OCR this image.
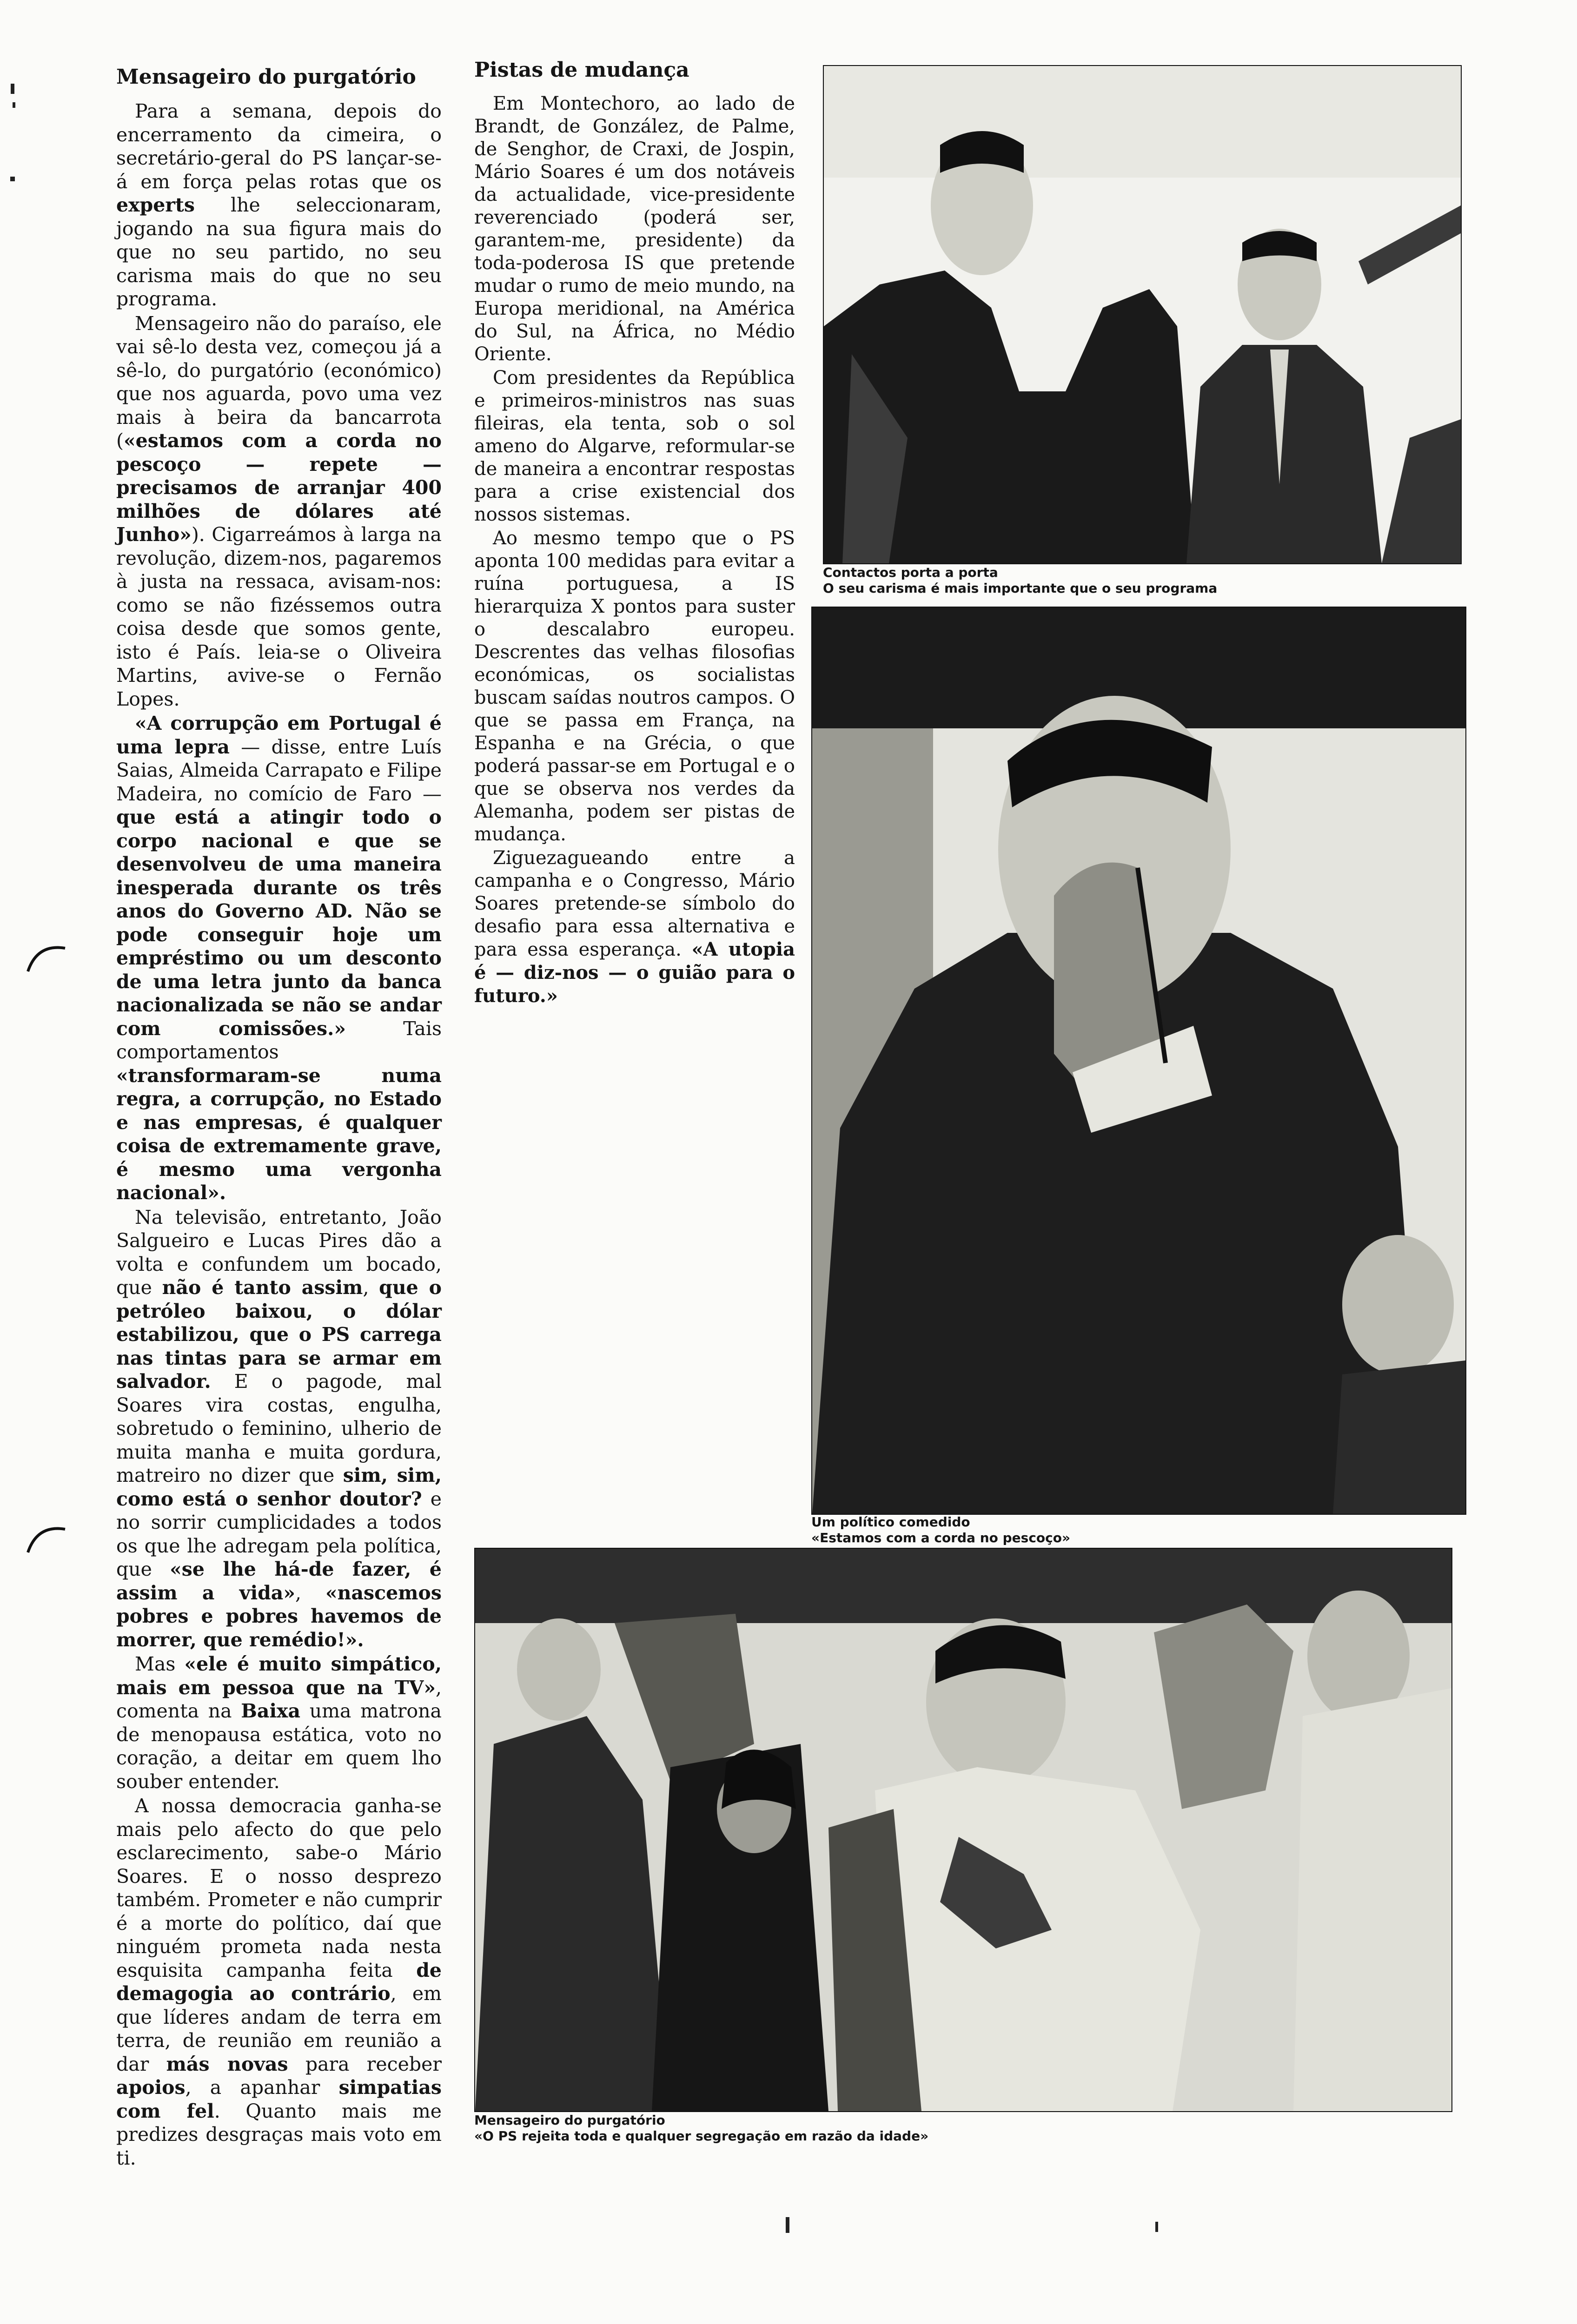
Mensageiro do purgatório

Para a semana, depois do encerramento da cimeira, o secretário-geral do PS lançar-se-á em força pelas rotas que os experts lhe seleccionaram, jogando na sua figura mais do que no seu partido, no seu carisma mais do que no seu programa.

Mensageiro não do paraíso, ele vai sê-lo desta vez, começou já a sê-lo, do purgatório (económico) que nos aguarda, povo uma vez mais à beira da bancarrota («estamos com a corda no pescoço — repete — precisamos de arranjar 400 milhões de dólares até Junho»). Cigarreámos à larga na revolução, dizem-nos, pagaremos à justa na ressaca, avisam-nos: como se não fizéssemos outra coisa desde que somos gente, isto é País. leia-se o Oliveira Martins, avive-se o Fernão Lopes.

«A corrupção em Portugal é uma lepra — disse, entre Luís Saias, Almeida Carrapato e Filipe Madeira, no comício de Faro — que está a atingir todo o corpo nacional e que se desenvolveu de uma maneira inesperada durante os três anos do Governo AD. Não se pode conseguir hoje um empréstimo ou um desconto de uma letra junto da banca nacionalizada se não se andar com comissões.» Tais comportamentos «transformaram-se numa regra, a corrupção, no Estado e nas empresas, é qualquer coisa de extremamente grave, é mesmo uma vergonha nacional».

Na televisão, entretanto, João Salgueiro e Lucas Pires dão a volta e confundem um bocado, que não é tanto assim, que o petróleo baixou, o dólar estabilizou, que o PS carrega nas tintas para se armar em salvador. E o pagode, mal Soares vira costas, engulha, sobretudo o feminino, ulherio de muita manha e muita gordura, matreiro no dizer que sim, sim, como está o senhor doutor? e no sorrir cumplicidades a todos os que lhe adregam pela política, que «se lhe há-de fazer, é assim a vida», «nascemos pobres e pobres havemos de morrer, que remédio!».

Mas «ele é muito simpático, mais em pessoa que na TV», comenta na Baixa uma matrona de menopausa estática, voto no coração, a deitar em quem lho souber entender.

A nossa democracia ganha-se mais pelo afecto do que pelo esclarecimento, sabe-o Mário Soares. E o nosso desprezo também. Prometer e não cumprir é a morte do político, daí que ninguém prometa nada nesta esquisita campanha feita de demagogia ao contrário, em que líderes andam de terra em terra, de reunião em reunião a dar más novas para receber apoios, a apanhar simpatias com fel. Quanto mais me predizes desgraças mais voto em ti.

Pistas de mudança

Em Montechoro, ao lado de Brandt, de González, de Palme, de Senghor, de Craxi, de Jospin, Mário Soares é um dos notáveis da actualidade, vice-presidente reverenciado (poderá ser, garantem-me, presidente) da toda-poderosa IS que pretende mudar o rumo de meio mundo, na Europa meridional, na América do Sul, na África, no Médio Oriente.

Com presidentes da República e primeiros-ministros nas suas fileiras, ela tenta, sob o sol ameno do Algarve, reformular-se de maneira a encontrar respostas para a crise existencial dos nossos sistemas.

Ao mesmo tempo que o PS aponta 100 medidas para evitar a ruína portuguesa, a IS hierarquiza X pontos para suster o descalabro europeu. Descrentes das velhas filosofias económicas, os socialistas buscam saídas noutros campos. O que se passa em França, na Espanha e na Grécia, o que poderá passar-se em Portugal e o que se observa nos verdes da Alemanha, podem ser pistas de mudança.

Ziguezagueando entre a campanha e o Congresso, Mário Soares pretende-se símbolo do desafio para essa alternativa e para essa esperança. «A utopia é — diz-nos — o guião para o futuro.»

Contactos porta a porta
O seu carisma é mais importante que o seu programa
Um político comedido
«Estamos com a corda no pescoço»
Mensageiro do purgatório
«O PS rejeita toda e qualquer segregação em razão da idade»
